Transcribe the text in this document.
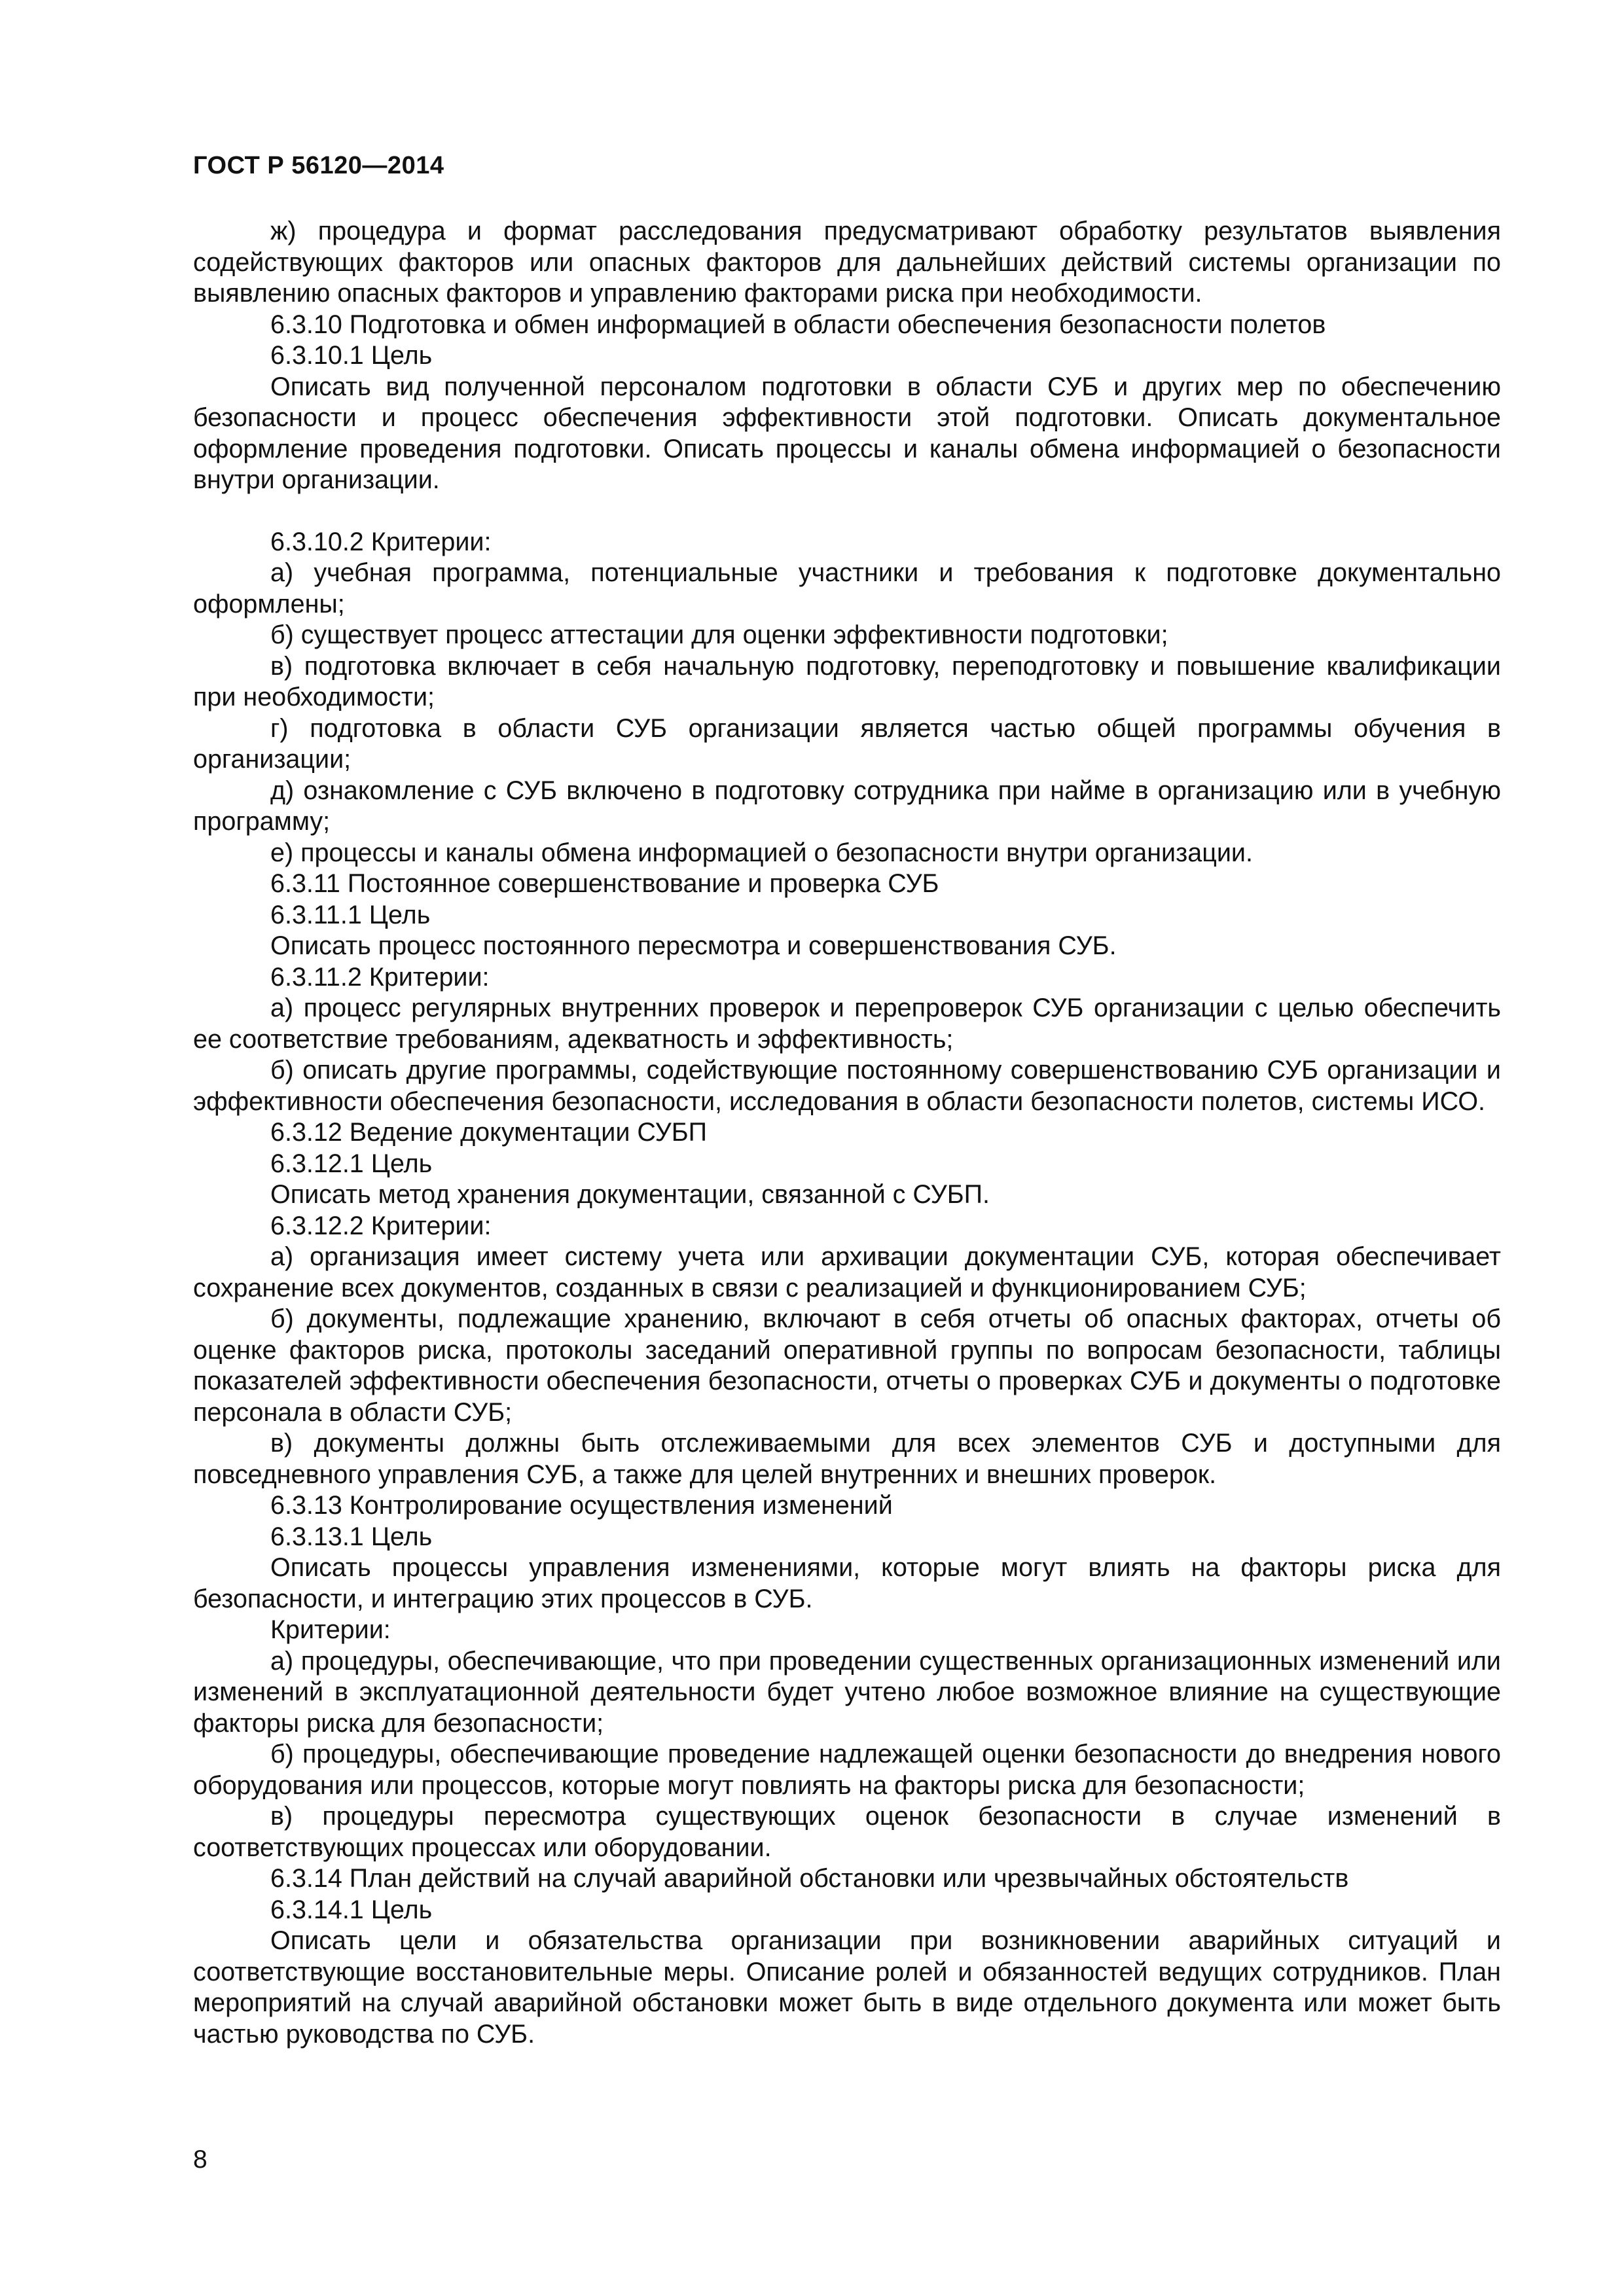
ГОСТ Р 56120—2014

ж) процедура и формат расследования предусматривают обработку результатов выявления содействующих факторов или опасных факторов для дальнейших действий системы организации по выявлению опасных факторов и управлению факторами риска при необходимости.

6.3.10 Подготовка и обмен информацией в области обеспечения безопасности полетов

6.3.10.1 Цель

Описать вид полученной персоналом подготовки в области СУБ и других мер по обеспечению безопасности и процесс обеспечения эффективности этой подготовки. Описать документальное оформление проведения подготовки. Описать процессы и каналы обмена информацией о безопасности внутри организации.

6.3.10.2 Критерии:

а) учебная программа, потенциальные участники и требования к подготовке документально оформлены;

б) существует процесс аттестации для оценки эффективности подготовки;

в) подготовка включает в себя начальную подготовку, переподготовку и повышение квалификации при необходимости;

г) подготовка в области СУБ организации является частью общей программы обучения в организации;

д) ознакомление с СУБ включено в подготовку сотрудника при найме в организацию или в учебную программу;

е) процессы и каналы обмена информацией о безопасности внутри организации.

6.3.11 Постоянное совершенствование и проверка СУБ

6.3.11.1 Цель

Описать процесс постоянного пересмотра и совершенствования СУБ.

6.3.11.2 Критерии:

а) процесс регулярных внутренних проверок и перепроверок СУБ организации с целью обеспечить ее соответствие требованиям, адекватность и эффективность;

б) описать другие программы, содействующие постоянному совершенствованию СУБ организации и эффективности обеспечения безопасности, исследования в области безопасности полетов, системы ИСО.

6.3.12 Ведение документации СУБП

6.3.12.1 Цель

Описать метод хранения документации, связанной с СУБП.

6.3.12.2 Критерии:

а) организация имеет систему учета или архивации документации СУБ, которая обеспечивает сохранение всех документов, созданных в связи с реализацией и функционированием СУБ;

б) документы, подлежащие хранению, включают в себя отчеты об опасных факторах, отчеты об оценке факторов риска, протоколы заседаний оперативной группы по вопросам безопасности, таблицы показателей эффективности обеспечения безопасности, отчеты о проверках СУБ и документы о подготовке персонала в области СУБ;

в) документы должны быть отслеживаемыми для всех элементов СУБ и доступными для повседневного управления СУБ, а также для целей внутренних и внешних проверок.

6.3.13 Контролирование осуществления изменений

6.3.13.1 Цель

Описать процессы управления изменениями, которые могут влиять на факторы риска для безопасности, и интеграцию этих процессов в СУБ.

Критерии:

а) процедуры, обеспечивающие, что при проведении существенных организационных изменений или изменений в эксплуатационной деятельности будет учтено любое возможное влияние на существующие факторы риска для безопасности;

б) процедуры, обеспечивающие проведение надлежащей оценки безопасности до внедрения нового оборудования или процессов, которые могут повлиять на факторы риска для безопасности;

в) процедуры пересмотра существующих оценок безопасности в случае изменений в соответствующих процессах или оборудовании.

6.3.14 План действий на случай аварийной обстановки или чрезвычайных обстоятельств

6.3.14.1 Цель

Описать цели и обязательства организации при возникновении аварийных ситуаций и соответствующие восстановительные меры. Описание ролей и обязанностей ведущих сотрудников. План мероприятий на случай аварийной обстановки может быть в виде отдельного документа или может быть частью руководства по СУБ.

8
